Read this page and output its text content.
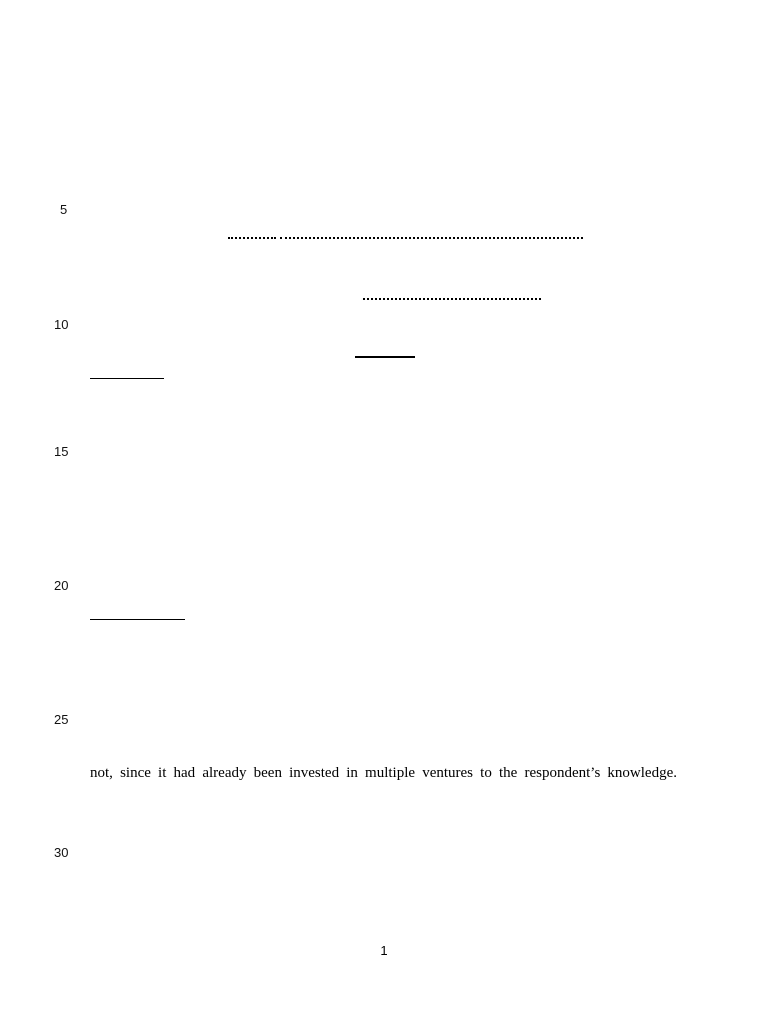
5
10
15
20
25
30
not, since it had already been invested in multiple ventures to the respondent’s knowledge.
1
